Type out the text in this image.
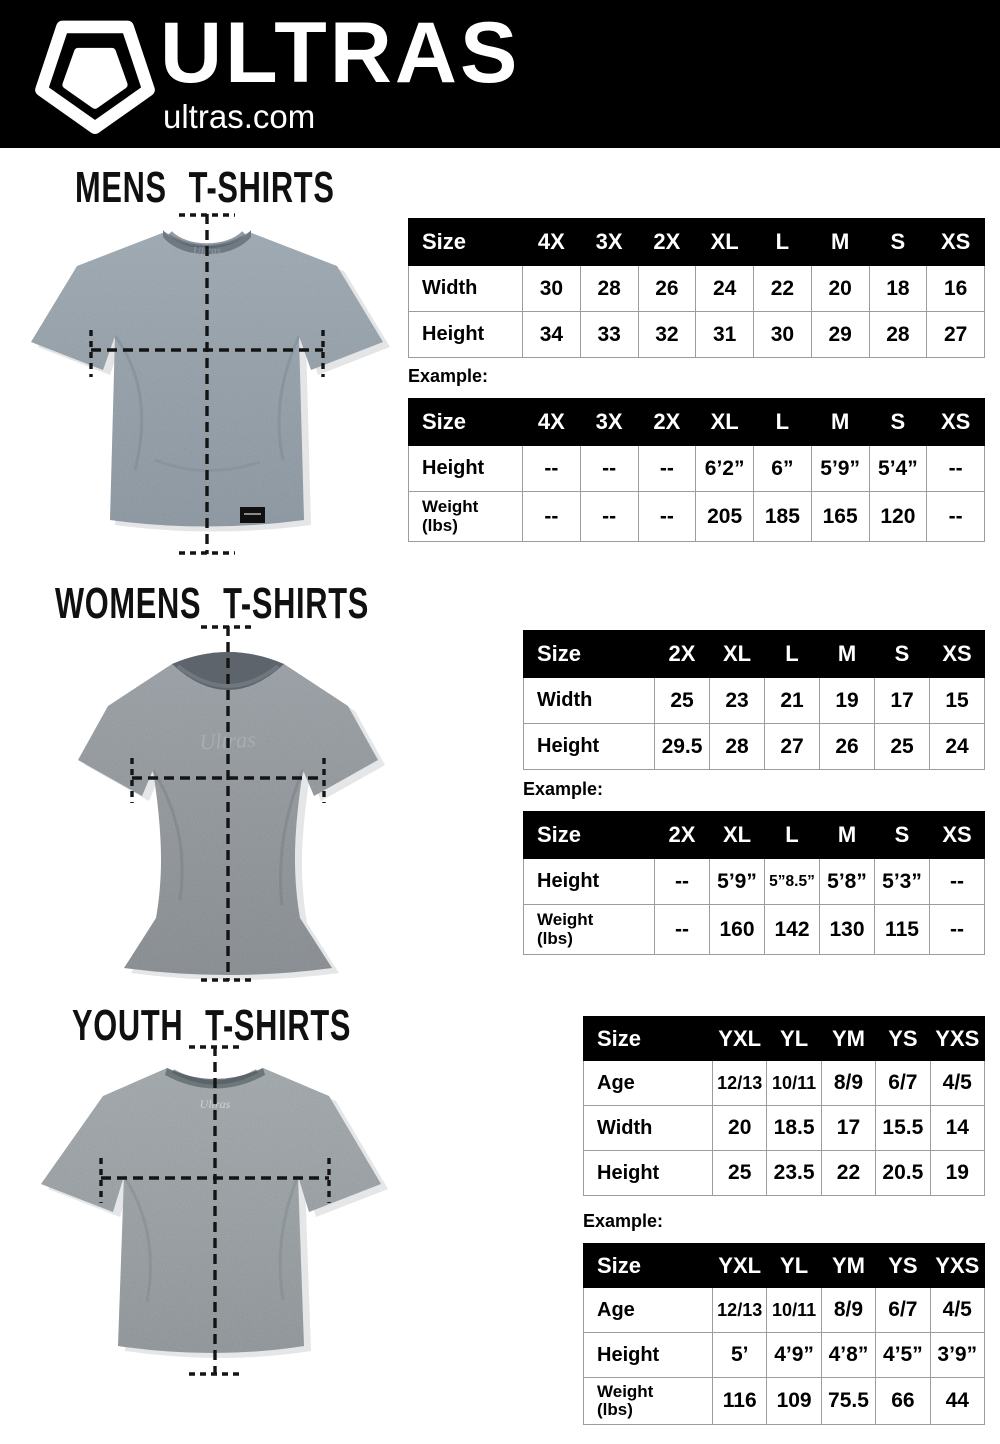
ULTRAS
ultras.com
MENS T-SHIRTS
Ultras	Size	4X	3X	2X	XL	L	M	S	XS

Width	30	28	26	24	22	20	18	16

Height	34	33	32	31	30	29	28	27
Example:
Size	4X	3X	2X	XL	L	M	S	XS

Height	--	--	--	6’2”	6”	5’9”	5’4”	--

Weight
(lbs)	--	--	--	205	185	165	120	--
WOMENS T-SHIRTS
Ultras
Size	2X	XL	L	M	S	XS

Width	25	23	21	19	17	15

Height	29.5	28	27	26	25	24
Example:
Size	2X	XL	L	M	S	XS

Height	--	5’9”	5”8.5”	5’8”	5’3”	--

Weight
(lbs)	--	160	142	130	115	--
YOUTH T-SHIRTS
Ultras
Size	YXL	YL	YM	YS	YXS

Age	12/13	10/11	8/9	6/7	4/5

Width	20	18.5	17	15.5	14

Height	25	23.5	22	20.5	19
Example:
Size	YXL	YL	YM	YS	YXS

Age	12/13	10/11	8/9	6/7	4/5

Height	5’	4’9”	4’8”	4’5”	3’9”

Weight
(lbs)	116	109	75.5	66	44
